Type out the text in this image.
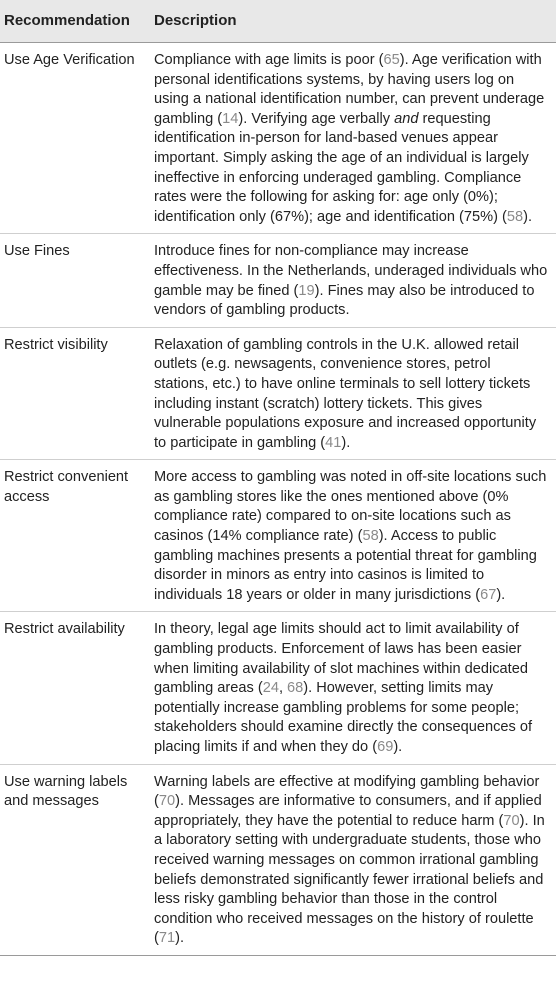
Recommendation	Description
Use Age Verification	Compliance with age limits is poor (65). Age verification with personal identifications systems, by having users log on using a national identification number, can prevent underage gambling (14). Verifying age verbally and requesting identification in-person for land-based venues appear important. Simply asking the age of an individual is largely ineffective in enforcing underaged gambling. Compliance rates were the following for asking for: age only (0%); identification only (67%); age and identification (75%) (58).
Use Fines	Introduce fines for non-compliance may increase effectiveness. In the Netherlands, underaged individuals who gamble may be fined (19). Fines may also be introduced to vendors of gambling products.
Restrict visibility	Relaxation of gambling controls in the U.K. allowed retail outlets (e.g. newsagents, convenience stores, petrol stations, etc.) to have online terminals to sell lottery tickets including instant (scratch) lottery tickets. This gives vulnerable populations exposure and increased opportunity to participate in gambling (41).
Restrict convenient access	More access to gambling was noted in off-site locations such as gambling stores like the ones mentioned above (0% compliance rate) compared to on-site locations such as casinos (14% compliance rate) (58). Access to public gambling machines presents a potential threat for gambling disorder in minors as entry into casinos is limited to individuals 18 years or older in many jurisdictions (67).
Restrict availability	In theory, legal age limits should act to limit availability of gambling products. Enforcement of laws has been easier when limiting availability of slot machines within dedicated gambling areas (24, 68). However, setting limits may potentially increase gambling problems for some people; stakeholders should examine directly the consequences of placing limits if and when they do (69).
Use warning labels and messages	Warning labels are effective at modifying gambling behavior (70). Messages are informative to consumers, and if applied appropriately, they have the potential to reduce harm (70). In a laboratory setting with undergraduate students, those who received warning messages on common irrational gambling beliefs demonstrated significantly fewer irrational beliefs and less risky gambling behavior than those in the control condition who received messages on the history of roulette (71).
